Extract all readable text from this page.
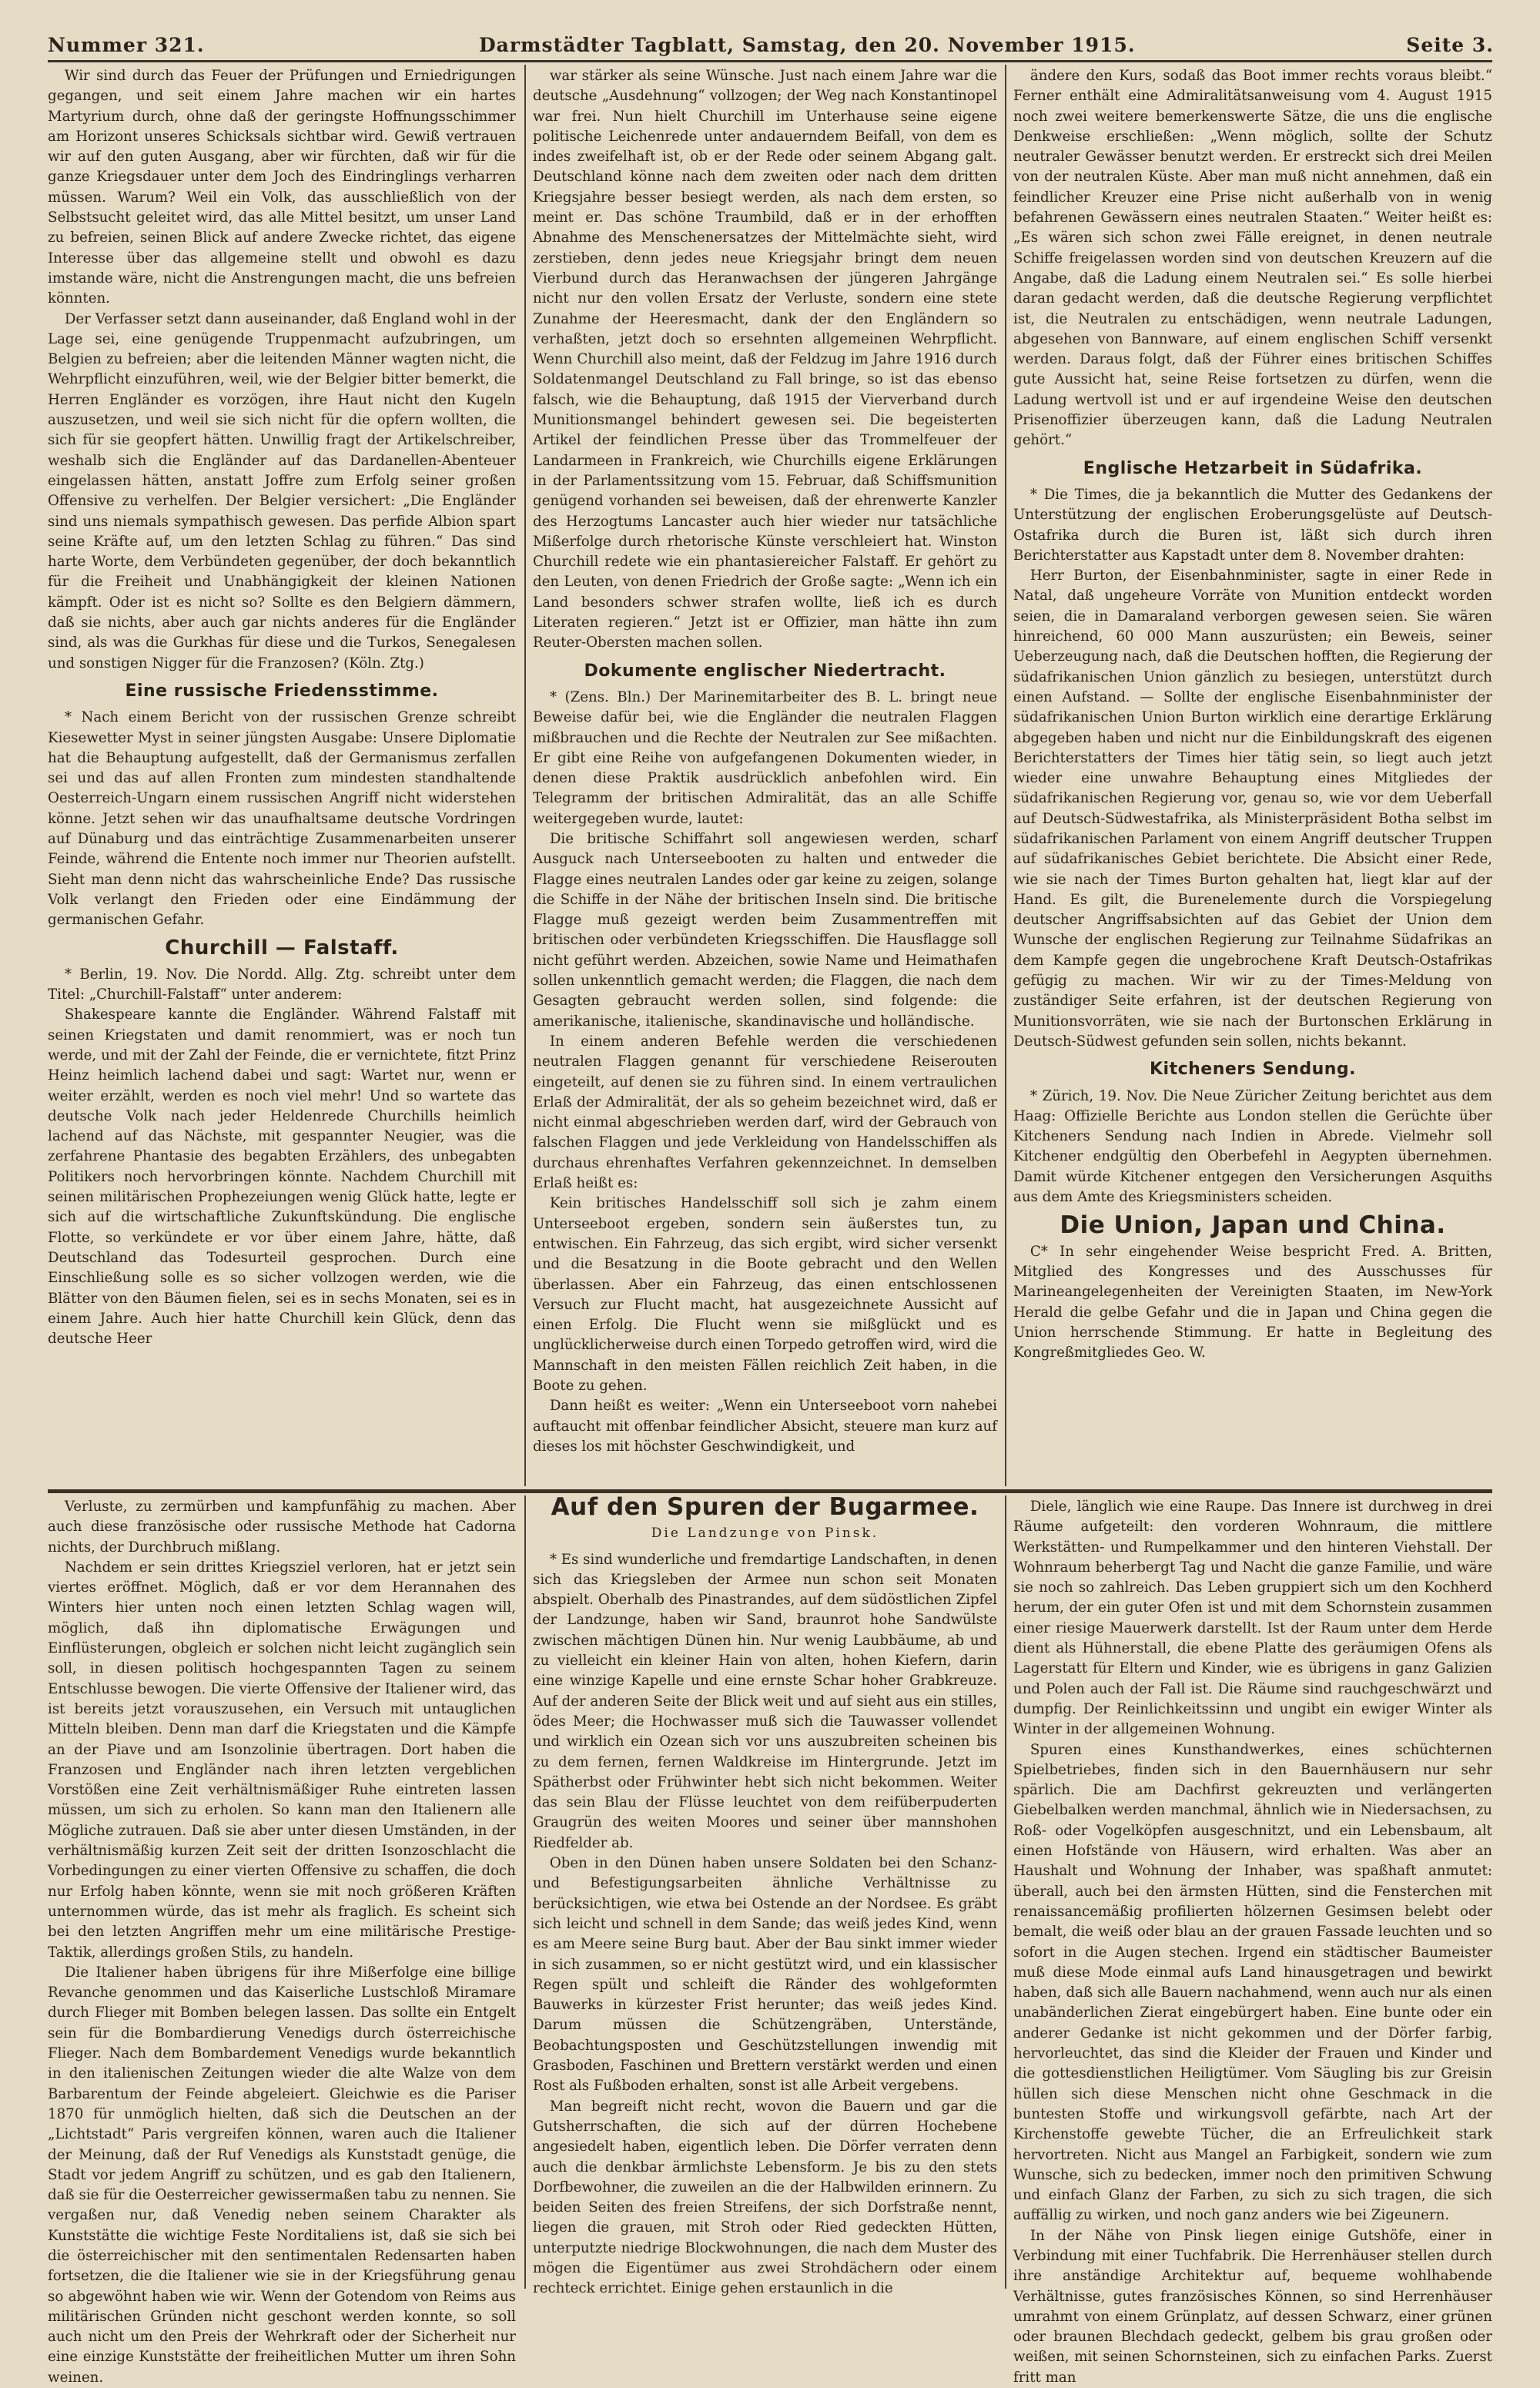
Nummer 321.	Darmstädter Tagblatt, Samstag, den 20. November 1915.	Seite 3.

Wir sind durch das Feuer der Prüfungen und Erniedrigungen gegangen, und seit einem Jahre machen wir ein hartes Martyrium durch, ohne daß der geringste Hoffnungsschimmer am Horizont unseres Schicksals sichtbar wird. Gewiß vertrauen wir auf den guten Ausgang, aber wir fürchten, daß wir für die ganze Kriegsdauer unter dem Joch des Eindringlings verharren müssen. Warum? Weil ein Volk, das ausschließlich von der Selbstsucht geleitet wird, das alle Mittel besitzt, um unser Land zu befreien, seinen Blick auf andere Zwecke richtet, das eigene Interesse über das allgemeine stellt und obwohl es dazu imstande wäre, nicht die Anstrengungen macht, die uns befreien könnten.

Der Verfasser setzt dann auseinander, daß England wohl in der Lage sei, eine genügende Truppenmacht aufzubringen, um Belgien zu befreien; aber die leitenden Männer wagten nicht, die Wehrpflicht einzuführen, weil, wie der Belgier bitter bemerkt, die Herren Engländer es vorzögen, ihre Haut nicht den Kugeln auszusetzen, und weil sie sich nicht für die opfern wollten, die sich für sie geopfert hätten. Unwillig fragt der Artikelschreiber, weshalb sich die Engländer auf das Dardanellen-Abenteuer eingelassen hätten, anstatt Joffre zum Erfolg seiner großen Offensive zu verhelfen. Der Belgier versichert: „Die Engländer sind uns niemals sympathisch gewesen. Das perfide Albion spart seine Kräfte auf, um den letzten Schlag zu führen.“ Das sind harte Worte, dem Verbündeten gegenüber, der doch bekanntlich für die Freiheit und Unabhängigkeit der kleinen Nationen kämpft. Oder ist es nicht so? Sollte es den Belgiern dämmern, daß sie nichts, aber auch gar nichts anderes für die Engländer sind, als was die Gurkhas für diese und die Turkos, Senegalesen und sonstigen Nigger für die Franzosen? (Köln. Ztg.)

Eine russische Friedensstimme.

* Nach einem Bericht von der russischen Grenze schreibt Kiesewetter Myst in seiner jüngsten Ausgabe: Unsere Diplomatie hat die Behauptung aufgestellt, daß der Germanismus zerfallen sei und das auf allen Fronten zum mindesten standhaltende Oesterreich-Ungarn einem russischen Angriff nicht widerstehen könne. Jetzt sehen wir das unaufhaltsame deutsche Vordringen auf Dünaburg und das einträchtige Zusammenarbeiten unserer Feinde, während die Entente noch immer nur Theorien aufstellt. Sieht man denn nicht das wahrscheinliche Ende? Das russische Volk verlangt den Frieden oder eine Eindämmung der germanischen Gefahr.

Churchill — Falstaff.

* Berlin, 19. Nov. Die Nordd. Allg. Ztg. schreibt unter dem Titel: „Churchill-Falstaff“ unter anderem:

Shakespeare kannte die Engländer. Während Falstaff mit seinen Kriegstaten und damit renommiert, was er noch tun werde, und mit der Zahl der Feinde, die er vernichtete, fitzt Prinz Heinz heimlich lachend dabei und sagt: Wartet nur, wenn er weiter erzählt, werden es noch viel mehr! Und so wartete das deutsche Volk nach jeder Heldenrede Churchills heimlich lachend auf das Nächste, mit gespannter Neugier, was die zerfahrene Phantasie des begabten Erzählers, des unbegabten Politikers noch hervorbringen könnte. Nachdem Churchill mit seinen militärischen Prophezeiungen wenig Glück hatte, legte er sich auf die wirtschaftliche Zukunftskündung. Die englische Flotte, so verkündete er vor über einem Jahre, hätte, daß Deutschland das Todesurteil gesprochen. Durch eine Einschließung solle es so sicher vollzogen werden, wie die Blätter von den Bäumen fielen, sei es in sechs Monaten, sei es in einem Jahre. Auch hier hatte Churchill kein Glück, denn das deutsche Heer

war stärker als seine Wünsche. Just nach einem Jahre war die deutsche „Ausdehnung“ vollzogen; der Weg nach Konstantinopel war frei. Nun hielt Churchill im Unterhause seine eigene politische Leichenrede unter andauerndem Beifall, von dem es indes zweifelhaft ist, ob er der Rede oder seinem Abgang galt. Deutschland könne nach dem zweiten oder nach dem dritten Kriegsjahre besser besiegt werden, als nach dem ersten, so meint er. Das schöne Traumbild, daß er in der erhofften Abnahme des Menschenersatzes der Mittelmächte sieht, wird zerstieben, denn jedes neue Kriegsjahr bringt dem neuen Vierbund durch das Heranwachsen der jüngeren Jahrgänge nicht nur den vollen Ersatz der Verluste, sondern eine stete Zunahme der Heeresmacht, dank der den Engländern so verhaßten, jetzt doch so ersehnten allgemeinen Wehrpflicht. Wenn Churchill also meint, daß der Feldzug im Jahre 1916 durch Soldatenmangel Deutschland zu Fall bringe, so ist das ebenso falsch, wie die Behauptung, daß 1915 der Vierverband durch Munitionsmangel behindert gewesen sei. Die begeisterten Artikel der feindlichen Presse über das Trommelfeuer der Landarmeen in Frankreich, wie Churchills eigene Erklärungen in der Parlamentssitzung vom 15. Februar, daß Schiffsmunition genügend vorhanden sei beweisen, daß der ehrenwerte Kanzler des Herzogtums Lancaster auch hier wieder nur tatsächliche Mißerfolge durch rhetorische Künste verschleiert hat. Winston Churchill redete wie ein phantasiereicher Falstaff. Er gehört zu den Leuten, von denen Friedrich der Große sagte: „Wenn ich ein Land besonders schwer strafen wollte, ließ ich es durch Literaten regieren.“ Jetzt ist er Offizier, man hätte ihn zum Reuter-Obersten machen sollen.

Dokumente englischer Niedertracht.

* (Zens. Bln.) Der Marinemitarbeiter des B. L. bringt neue Beweise dafür bei, wie die Engländer die neutralen Flaggen mißbrauchen und die Rechte der Neutralen zur See mißachten. Er gibt eine Reihe von aufgefangenen Dokumenten wieder, in denen diese Praktik ausdrücklich anbefohlen wird. Ein Telegramm der britischen Admiralität, das an alle Schiffe weitergegeben wurde, lautet:

Die britische Schiffahrt soll angewiesen werden, scharf Ausguck nach Unterseebooten zu halten und entweder die Flagge eines neutralen Landes oder gar keine zu zeigen, solange die Schiffe in der Nähe der britischen Inseln sind. Die britische Flagge muß gezeigt werden beim Zusammentreffen mit britischen oder verbündeten Kriegsschiffen. Die Hausflagge soll nicht geführt werden. Abzeichen, sowie Name und Heimathafen sollen unkenntlich gemacht werden; die Flaggen, die nach dem Gesagten gebraucht werden sollen, sind folgende: die amerikanische, italienische, skandinavische und holländische.

In einem anderen Befehle werden die verschiedenen neutralen Flaggen genannt für verschiedene Reiserouten eingeteilt, auf denen sie zu führen sind. In einem vertraulichen Erlaß der Admiralität, der als so geheim bezeichnet wird, daß er nicht einmal abgeschrieben werden darf, wird der Gebrauch von falschen Flaggen und jede Verkleidung von Handelsschiffen als durchaus ehrenhaftes Verfahren gekennzeichnet. In demselben Erlaß heißt es:

Kein britisches Handelsschiff soll sich je zahm einem Unterseeboot ergeben, sondern sein äußerstes tun, zu entwischen. Ein Fahrzeug, das sich ergibt, wird sicher versenkt und die Besatzung in die Boote gebracht und den Wellen überlassen. Aber ein Fahrzeug, das einen entschlossenen Versuch zur Flucht macht, hat ausgezeichnete Aussicht auf einen Erfolg. Die Flucht wenn sie mißglückt und es unglücklicherweise durch einen Torpedo getroffen wird, wird die Mannschaft in den meisten Fällen reichlich Zeit haben, in die Boote zu gehen.

Dann heißt es weiter: „Wenn ein Unterseeboot vorn nahebei auftaucht mit offenbar feindlicher Absicht, steuere man kurz auf dieses los mit höchster Geschwindigkeit, und

ändere den Kurs, sodaß das Boot immer rechts voraus bleibt.“ Ferner enthält eine Admiralitätsanweisung vom 4. August 1915 noch zwei weitere bemerkenswerte Sätze, die uns die englische Denkweise erschließen: „Wenn möglich, sollte der Schutz neutraler Gewässer benutzt werden. Er erstreckt sich drei Meilen von der neutralen Küste. Aber man muß nicht annehmen, daß ein feindlicher Kreuzer eine Prise nicht außerhalb von in wenig befahrenen Gewässern eines neutralen Staaten.“ Weiter heißt es: „Es wären sich schon zwei Fälle ereignet, in denen neutrale Schiffe freigelassen worden sind von deutschen Kreuzern auf die Angabe, daß die Ladung einem Neutralen sei.“ Es solle hierbei daran gedacht werden, daß die deutsche Regierung verpflichtet ist, die Neutralen zu entschädigen, wenn neutrale Ladungen, abgesehen von Bannware, auf einem englischen Schiff versenkt werden. Daraus folgt, daß der Führer eines britischen Schiffes gute Aussicht hat, seine Reise fortsetzen zu dürfen, wenn die Ladung wertvoll ist und er auf irgendeine Weise den deutschen Prisenoffizier überzeugen kann, daß die Ladung Neutralen gehört.“

Englische Hetzarbeit in Südafrika.

* Die Times, die ja bekanntlich die Mutter des Gedankens der Unterstützung der englischen Eroberungsgelüste auf Deutsch-Ostafrika durch die Buren ist, läßt sich durch ihren Berichterstatter aus Kapstadt unter dem 8. November drahten:

Herr Burton, der Eisenbahnminister, sagte in einer Rede in Natal, daß ungeheure Vorräte von Munition entdeckt worden seien, die in Damaraland verborgen gewesen seien. Sie wären hinreichend, 60 000 Mann auszurüsten; ein Beweis, seiner Ueberzeugung nach, daß die Deutschen hofften, die Regierung der südafrikanischen Union gänzlich zu besiegen, unterstützt durch einen Aufstand. — Sollte der englische Eisenbahnminister der südafrikanischen Union Burton wirklich eine derartige Erklärung abgegeben haben und nicht nur die Einbildungskraft des eigenen Berichterstatters der Times hier tätig sein, so liegt auch jetzt wieder eine unwahre Behauptung eines Mitgliedes der südafrikanischen Regierung vor, genau so, wie vor dem Ueberfall auf Deutsch-Südwestafrika, als Ministerpräsident Botha selbst im südafrikanischen Parlament von einem Angriff deutscher Truppen auf südafrikanisches Gebiet berichtete. Die Absicht einer Rede, wie sie nach der Times Burton gehalten hat, liegt klar auf der Hand. Es gilt, die Burenelemente durch die Vorspiegelung deutscher Angriffsabsichten auf das Gebiet der Union dem Wunsche der englischen Regierung zur Teilnahme Südafrikas an dem Kampfe gegen die ungebrochene Kraft Deutsch-Ostafrikas gefügig zu machen. Wir wir zu der Times-Meldung von zuständiger Seite erfahren, ist der deutschen Regierung von Munitionsvorräten, wie sie nach der Burtonschen Erklärung in Deutsch-Südwest gefunden sein sollen, nichts bekannt.

Kitcheners Sendung.

* Zürich, 19. Nov. Die Neue Züricher Zeitung berichtet aus dem Haag: Offizielle Berichte aus London stellen die Gerüchte über Kitcheners Sendung nach Indien in Abrede. Vielmehr soll Kitchener endgültig den Oberbefehl in Aegypten übernehmen. Damit würde Kitchener entgegen den Versicherungen Asquiths aus dem Amte des Kriegsministers scheiden.

Die Union, Japan und China.

C* In sehr eingehender Weise bespricht Fred. A. Britten, Mitglied des Kongresses und des Ausschusses für Marineangelegenheiten der Vereinigten Staaten, im New-York Herald die gelbe Gefahr und die in Japan und China gegen die Union herrschende Stimmung. Er hatte in Begleitung des Kongreßmitgliedes Geo. W.

Verluste, zu zermürben und kampfunfähig zu machen. Aber auch diese französische oder russische Methode hat Cadorna nichts, der Durchbruch mißlang.

Nachdem er sein drittes Kriegsziel verloren, hat er jetzt sein viertes eröffnet. Möglich, daß er vor dem Herannahen des Winters hier unten noch einen letzten Schlag wagen will, möglich, daß ihn diplomatische Erwägungen und Einflüsterungen, obgleich er solchen nicht leicht zugänglich sein soll, in diesen politisch hochgespannten Tagen zu seinem Entschlusse bewogen. Die vierte Offensive der Italiener wird, das ist bereits jetzt vorauszusehen, ein Versuch mit untauglichen Mitteln bleiben. Denn man darf die Kriegstaten und die Kämpfe an der Piave und am Isonzolinie übertragen. Dort haben die Franzosen und Engländer nach ihren letzten vergeblichen Vorstößen eine Zeit verhältnismäßiger Ruhe eintreten lassen müssen, um sich zu erholen. So kann man den Italienern alle Mögliche zutrauen. Daß sie aber unter diesen Umständen, in der verhältnismäßig kurzen Zeit seit der dritten Isonzoschlacht die Vorbedingungen zu einer vierten Offensive zu schaffen, die doch nur Erfolg haben könnte, wenn sie mit noch größeren Kräften unternommen würde, das ist mehr als fraglich. Es scheint sich bei den letzten Angriffen mehr um eine militärische Prestige-Taktik, allerdings großen Stils, zu handeln.

Die Italiener haben übrigens für ihre Mißerfolge eine billige Revanche genommen und das Kaiserliche Lustschloß Miramare durch Flieger mit Bomben belegen lassen. Das sollte ein Entgelt sein für die Bombardierung Venedigs durch österreichische Flieger. Nach dem Bombardement Venedigs wurde bekanntlich in den italienischen Zeitungen wieder die alte Walze von dem Barbarentum der Feinde abgeleiert. Gleichwie es die Pariser 1870 für unmöglich hielten, daß sich die Deutschen an der „Lichtstadt“ Paris vergreifen können, waren auch die Italiener der Meinung, daß der Ruf Venedigs als Kunststadt genüge, die Stadt vor jedem Angriff zu schützen, und es gab den Italienern, daß sie für die Oesterreicher gewissermaßen tabu zu nennen. Sie vergaßen nur, daß Venedig neben seinem Charakter als Kunststätte die wichtige Feste Norditaliens ist, daß sie sich bei die österreichischer mit den sentimentalen Redensarten haben fortsetzen, die die Italiener wie sie in der Kriegsführung genau so abgewöhnt haben wie wir. Wenn der Gotendom von Reims aus militärischen Gründen nicht geschont werden konnte, so soll auch nicht um den Preis der Wehrkraft oder der Sicherheit nur eine einzige Kunststätte der freiheitlichen Mutter um ihren Sohn weinen.

Auf den Spuren der Bugarmee.
Die Landzunge von Pinsk.

* Es sind wunderliche und fremdartige Landschaften, in denen sich das Kriegsleben der Armee nun schon seit Monaten abspielt. Oberhalb des Pinastrandes, auf dem südöstlichen Zipfel der Landzunge, haben wir Sand, braunrot hohe Sandwülste zwischen mächtigen Dünen hin. Nur wenig Laubbäume, ab und zu vielleicht ein kleiner Hain von alten, hohen Kiefern, darin eine winzige Kapelle und eine ernste Schar hoher Grabkreuze. Auf der anderen Seite der Blick weit und auf sieht aus ein stilles, ödes Meer; die Hochwasser muß sich die Tauwasser vollendet und wirklich ein Ozean sich vor uns auszubreiten scheinen bis zu dem fernen, fernen Waldkreise im Hintergrunde. Jetzt im Spätherbst oder Frühwinter hebt sich nicht bekommen. Weiter das sein Blau der Flüsse leuchtet von dem reifüberpuderten Graugrün des weiten Moores und seiner über mannshohen Riedfelder ab.

Oben in den Dünen haben unsere Soldaten bei den Schanz- und Befestigungsarbeiten ähnliche Verhältnisse zu berücksichtigen, wie etwa bei Ostende an der Nordsee. Es gräbt sich leicht und schnell in dem Sande; das weiß jedes Kind, wenn es am Meere seine Burg baut. Aber der Bau sinkt immer wieder in sich zusammen, so er nicht gestützt wird, und ein klassischer Regen spült und schleift die Ränder des wohlgeformten Bauwerks in kürzester Frist herunter; das weiß jedes Kind. Darum müssen die Schützengräben, Unterstände, Beobachtungsposten und Geschützstellungen inwendig mit Grasboden, Faschinen und Brettern verstärkt werden und einen Rost als Fußboden erhalten, sonst ist alle Arbeit vergebens.

Man begreift nicht recht, wovon die Bauern und gar die Gutsherrschaften, die sich auf der dürren Hochebene angesiedelt haben, eigentlich leben. Die Dörfer verraten denn auch die denkbar ärmlichste Lebensform. Je bis zu den stets Dorfbewohner, die zuweilen an die der Halbwilden erinnern. Zu beiden Seiten des freien Streifens, der sich Dorfstraße nennt, liegen die grauen, mit Stroh oder Ried gedeckten Hütten, unterputzte niedrige Blockwohnungen, die nach dem Muster des mögen die Eigentümer aus zwei Strohdächern oder einem rechteck errichtet. Einige gehen erstaunlich in die

Diele, länglich wie eine Raupe. Das Innere ist durchweg in drei Räume aufgeteilt: den vorderen Wohnraum, die mittlere Werkstätten- und Rumpelkammer und den hinteren Viehstall. Der Wohnraum beherbergt Tag und Nacht die ganze Familie, und wäre sie noch so zahlreich. Das Leben gruppiert sich um den Kochherd herum, der ein guter Ofen ist und mit dem Schornstein zusammen einer riesige Mauerwerk darstellt. Ist der Raum unter dem Herde dient als Hühnerstall, die ebene Platte des geräumigen Ofens als Lagerstatt für Eltern und Kinder, wie es übrigens in ganz Galizien und Polen auch der Fall ist. Die Räume sind rauchgeschwärzt und dumpfig. Der Reinlichkeitssinn und ungibt ein ewiger Winter als Winter in der allgemeinen Wohnung.

Spuren eines Kunsthandwerkes, eines schüchternen Spielbetriebes, finden sich in den Bauernhäusern nur sehr spärlich. Die am Dachfirst gekreuzten und verlängerten Giebelbalken werden manchmal, ähnlich wie in Niedersachsen, zu Roß- oder Vogelköpfen ausgeschnitzt, und ein Lebensbaum, alt einen Hofstände von Häusern, wird erhalten. Was aber an Haushalt und Wohnung der Inhaber, was spaßhaft anmutet: überall, auch bei den ärmsten Hütten, sind die Fensterchen mit renaissancemäßig profilierten hölzernen Gesimsen belebt oder bemalt, die weiß oder blau an der grauen Fassade leuchten und so sofort in die Augen stechen. Irgend ein städtischer Baumeister muß diese Mode einmal aufs Land hinausgetragen und bewirkt haben, daß sich alle Bauern nachahmend, wenn auch nur als einen unabänderlichen Zierat eingebürgert haben. Eine bunte oder ein anderer Gedanke ist nicht gekommen und der Dörfer farbig, hervorleuchtet, das sind die Kleider der Frauen und Kinder und die gottesdienstlichen Heiligtümer. Vom Säugling bis zur Greisin hüllen sich diese Menschen nicht ohne Geschmack in die buntesten Stoffe und wirkungsvoll gefärbte, nach Art der Kirchenstoffe gewebte Tücher, die an Erfreulichkeit stark hervortreten. Nicht aus Mangel an Farbigkeit, sondern wie zum Wunsche, sich zu bedecken, immer noch den primitiven Schwung und einfach Glanz der Farben, zu sich zu sich tragen, die sich auffällig zu wirken, und noch ganz anders wie bei Zigeunern.

In der Nähe von Pinsk liegen einige Gutshöfe, einer in Verbindung mit einer Tuchfabrik. Die Herrenhäuser stellen durch ihre anständige Architektur auf, bequeme wohlhabende Verhältnisse, gutes französisches Können, so sind Herrenhäuser umrahmt von einem Grünplatz, auf dessen Schwarz, einer grünen oder braunen Blechdach gedeckt, gelbem bis grau großen oder weißen, mit seinen Schornsteinen, sich zu einfachen Parks. Zuerst fritt man
